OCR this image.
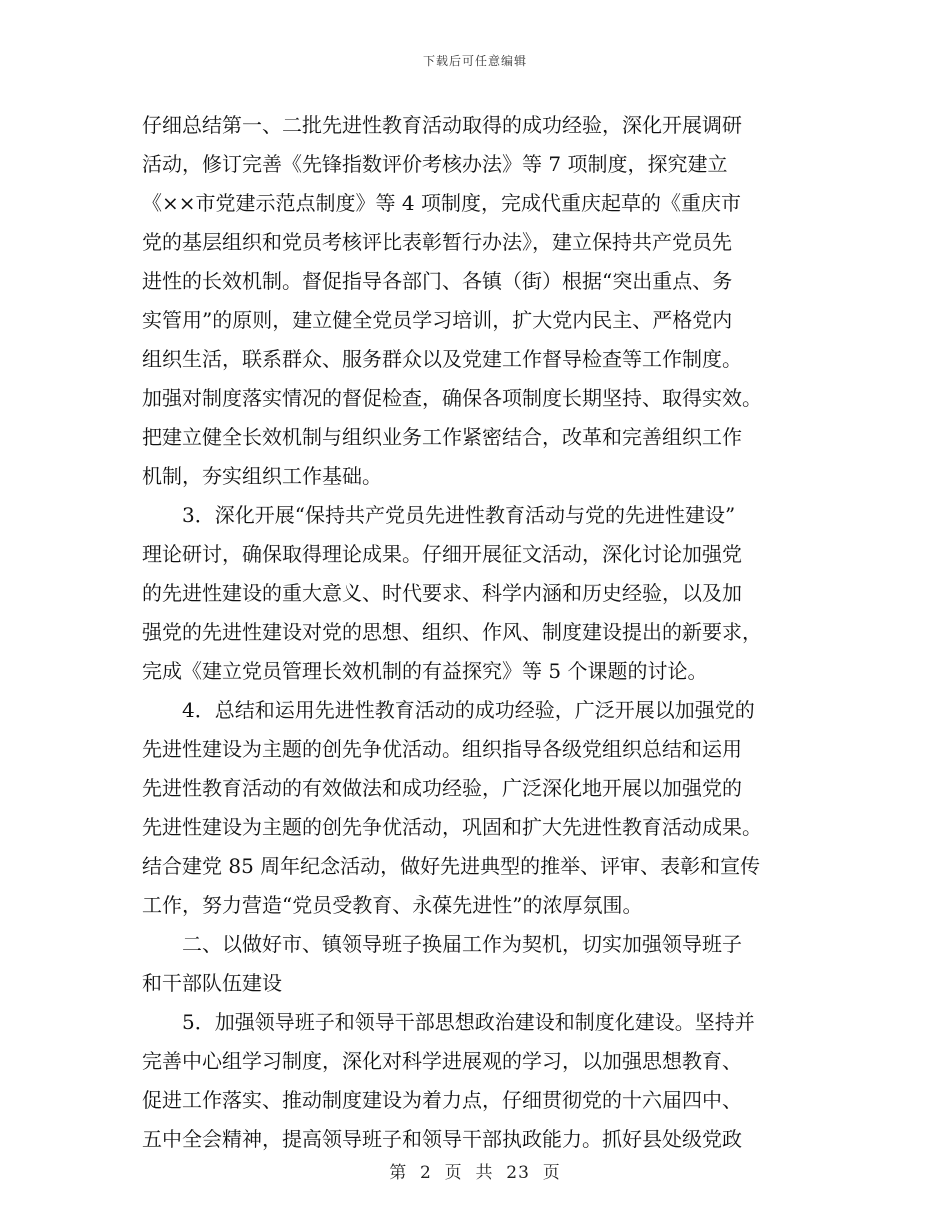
下载后可任意编辑
仔细总结第一、二批先进性教育活动取得的成功经验，深化开展调研
活动，修订完善《先锋指数评价考核办法》等 7 项制度，探究建立
《××市党建示范点制度》等 4 项制度，完成代重庆起草的《重庆市
党的基层组织和党员考核评比表彰暂行办法》，建立保持共产党员先
进性的长效机制。督促指导各部门、各镇（街）根据“突出重点、务
实管用”的原则，建立健全党员学习培训，扩大党内民主、严格党内
组织生活，联系群众、服务群众以及党建工作督导检查等工作制度。
加强对制度落实情况的督促检查，确保各项制度长期坚持、取得实效。
把建立健全长效机制与组织业务工作紧密结合，改革和完善组织工作
机制，夯实组织工作基础。
　　3．深化开展“保持共产党员先进性教育活动与党的先进性建设”
理论研讨，确保取得理论成果。仔细开展征文活动，深化讨论加强党
的先进性建设的重大意义、时代要求、科学内涵和历史经验，以及加
强党的先进性建设对党的思想、组织、作风、制度建设提出的新要求，
完成《建立党员管理长效机制的有益探究》等 5 个课题的讨论。
　　4．总结和运用先进性教育活动的成功经验，广泛开展以加强党的
先进性建设为主题的创先争优活动。组织指导各级党组织总结和运用
先进性教育活动的有效做法和成功经验，广泛深化地开展以加强党的
先进性建设为主题的创先争优活动，巩固和扩大先进性教育活动成果。
结合建党 85 周年纪念活动，做好先进典型的推举、评审、表彰和宣传
工作，努力营造“党员受教育、永葆先进性”的浓厚氛围。
　　二、以做好市、镇领导班子换届工作为契机，切实加强领导班子
和干部队伍建设
　　5．加强领导班子和领导干部思想政治建设和制度化建设。坚持并
完善中心组学习制度，深化对科学进展观的学习，以加强思想教育、
促进工作落实、推动制度建设为着力点，仔细贯彻党的十六届四中、
五中全会精神，提高领导班子和领导干部执政能力。抓好县处级党政
第  2  页  共  23  页
